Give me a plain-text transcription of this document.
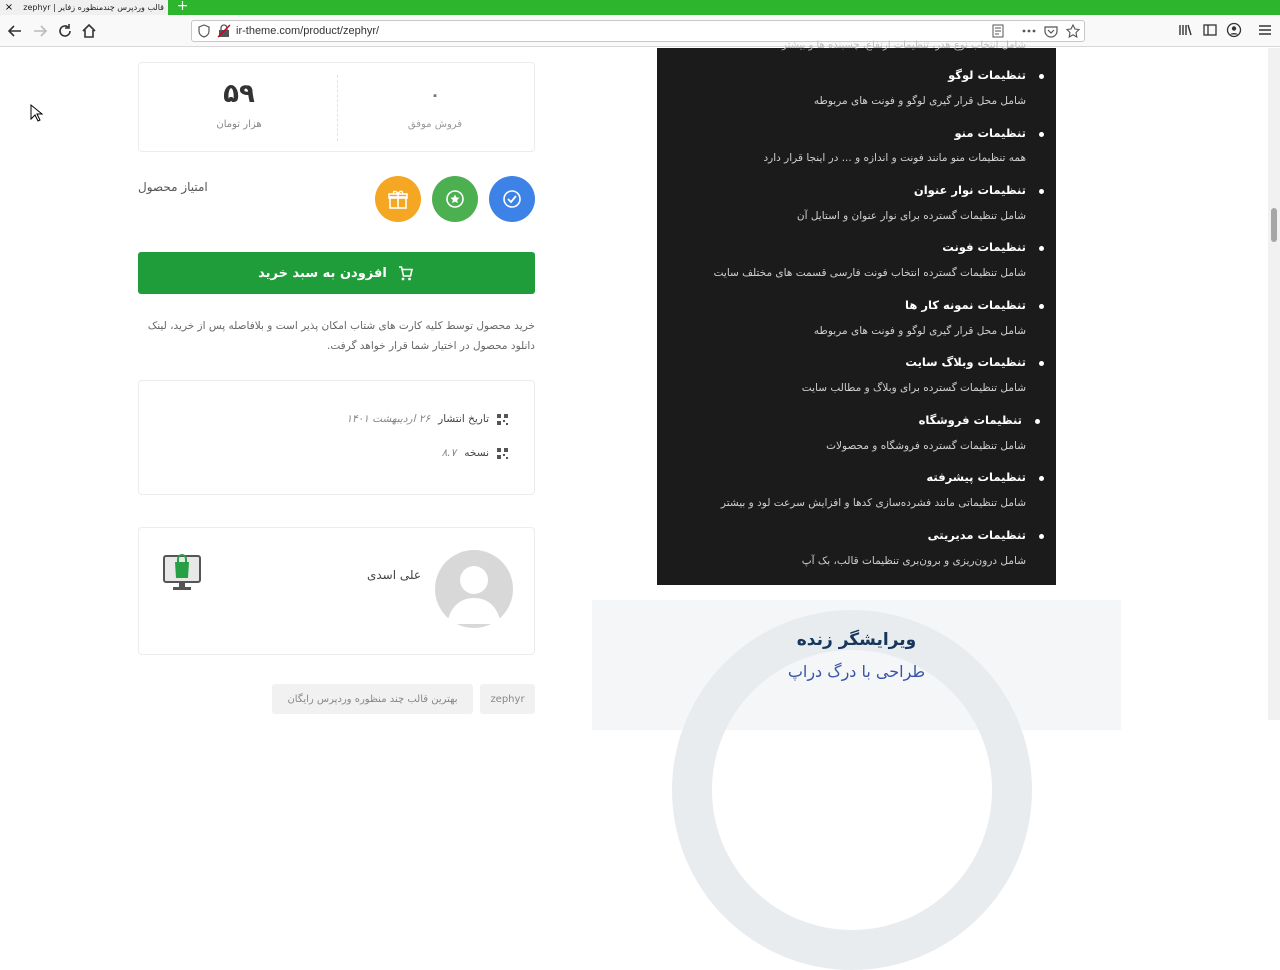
قالب وردپرس چندمنظوره زفایر | zephyr
×	+
ir-theme.com/product/zephyr/
۵۹
هزار تومان
۰
فروش موفق
امتیاز محصول
افزودن به سبد خرید
خرید محصول توسط کلیه کارت های شتاب امکان پذیر است و بلافاصله پس از خرید، لینک دانلود محصول در اختیار شما قرار خواهد گرفت.
تاریخ انتشار
۲۶ اردیبهشت ۱۴۰۱
نسخه
۸.۷
علی اسدی
zephyr
بهترین قالب چند منظوره وردپرس رایگان
شامل انتخاب نوع هدر، تنظیمات ارتفاع، چسبنده ها و بیشتر
تنظیمات لوگو
شامل محل قرار گیری لوگو و فونت های مربوطه
تنظیمات منو
همه تنظیمات منو مانند فونت و اندازه و ... در اینجا قرار دارد
تنظیمات نوار عنوان
شامل تنظیمات گسترده برای نوار عنوان و استایل آن
تنظیمات فونت
شامل تنظیمات گسترده انتخاب فونت فارسی قسمت های مختلف سایت
تنظیمات نمونه کار ها
شامل محل قرار گیری لوگو و فونت های مربوطه
تنظیمات وبلاگ سایت
شامل تنظیمات گسترده برای وبلاگ و مطالب سایت
تنظیمات فروشگاه
شامل تنظیمات گسترده فروشگاه و محصولات
تنظیمات پیشرفته
شامل تنظیماتی مانند فشرده‌سازی کدها و افزایش سرعت لود و بیشتر
تنظیمات مدیریتی
شامل درون‌ریزی و برون‌بری تنظیمات قالب، بک آپ
ویرایشگر زنده
طراحی با درگ دراپ
